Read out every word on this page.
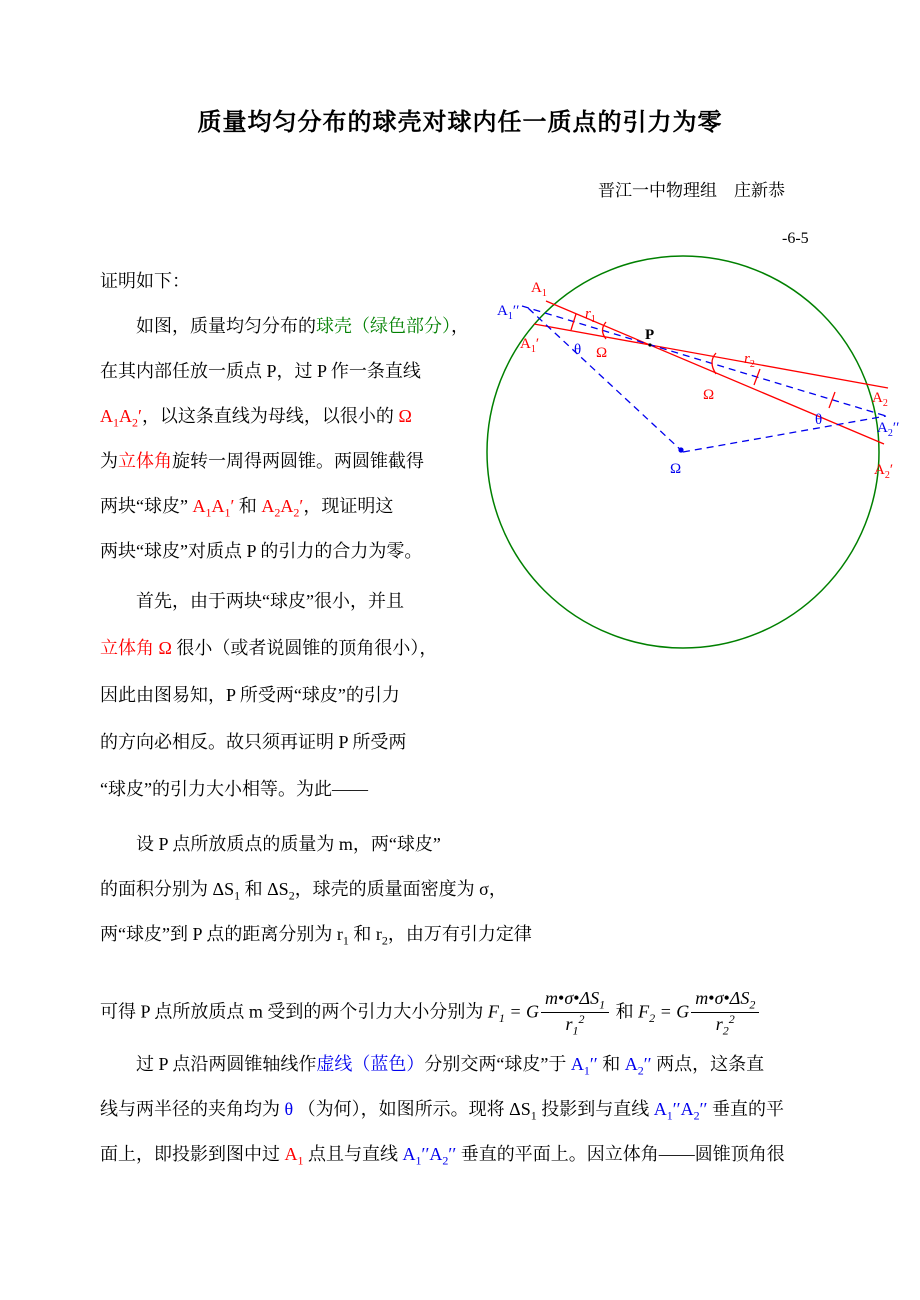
质量均匀分布的球壳对球内任一质点的引力为零
晋江一中物理组　庄新恭
-6-5
证明如下：
　　如图，质量均匀分布的球壳（绿色部分），
在其内部任放一质点 P，过 P 作一条直线
$A_1A_2'$，以这条直线为母线，以很小的 Ω
为立体角旋转一周得两圆锥。两圆锥截得
两块“球皮” $A_1A_1'$ 和 $A_2A_2'$，现证明这
两块“球皮”对质点 P 的引力的合力为零。
　　首先，由于两块“球皮”很小，并且
立体角 Ω 很小（或者说圆锥的顶角很小），
因此由图易知，P 所受两“球皮”的引力
的方向必相反。故只须再证明 P 所受两
“球皮”的引力大小相等。为此——
　　设 P 点所放质点的质量为 m，两“球皮”
的面积分别为 $\Delta S_1$ 和 $\Delta S_2$，球壳的质量面密度为 σ，
两“球皮”到 P 点的距离分别为 $r_1$ 和 $r_2$，由万有引力定律
可得 P 点所放质点 m 受到的两个引力大小分别为 $F_1 = G \frac{m•\sigma•\Delta S_1}{r_1^2}$ 和 $F_2 = G \frac{m•\sigma•\Delta S_2}{r_2^2}$
　　过 P 点沿两圆锥轴线作虚线（蓝色）分别交两“球皮”于 $A_1''$ 和 $A_2''$ 两点，这条直
线与两半径的夹角均为 θ （为何），如图所示。现将 $\Delta S_1$ 投影到与直线 $A_1''A_2''$ 垂直的平
面上，即投影到图中过 $A_1$ 点且与直线 $A_1''A_2''$ 垂直的平面上。因立体角——圆锥顶角很
$A_1$
$A_1''$
$A_1'$
P
$r_1$
θ Ω	$r_2$
Ω
θ
$A_2$
$A_2''$
$A_2'$
Ω
